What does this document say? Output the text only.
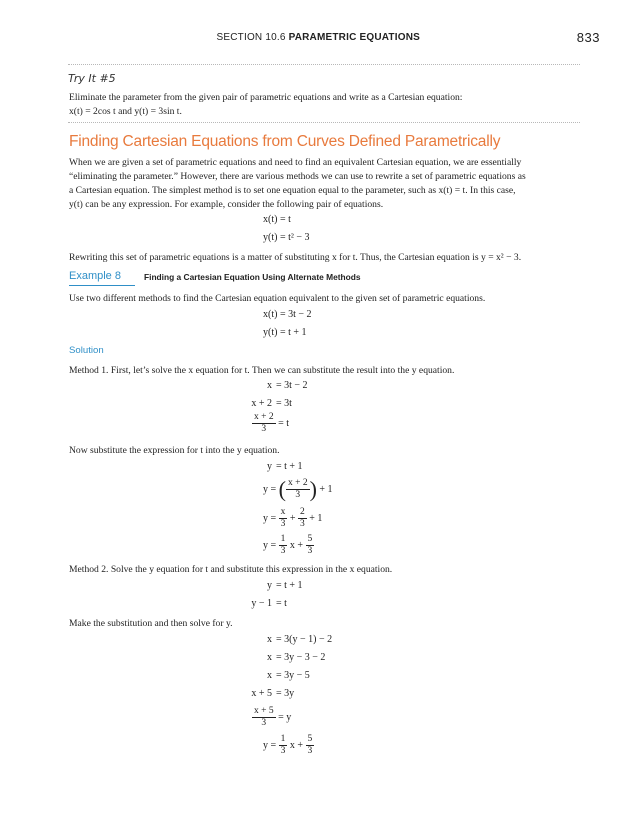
SECTION 10.6 PARAMETRIC EQUATIONS	833
Try It #5
Eliminate the parameter from the given pair of parametric equations and write as a Cartesian equation:
x(t) = 2cos t and y(t) = 3sin t.
Finding Cartesian Equations from Curves Defined Parametrically
When we are given a set of parametric equations and need to find an equivalent Cartesian equation, we are essentially
“eliminating the parameter.” However, there are various methods we can use to rewrite a set of parametric equations as
a Cartesian equation. The simplest method is to set one equation equal to the parameter, such as x(t) = t. In this case,
y(t) can be any expression. For example, consider the following pair of equations.
x(t) = t
y(t) = t² − 3
Rewriting this set of parametric equations is a matter of substituting x for t. Thus, the Cartesian equation is y = x² − 3.
Example 8	Finding a Cartesian Equation Using Alternate Methods
Use two different methods to find the Cartesian equation equivalent to the given set of parametric equations.
x(t) = 3t − 2
y(t) = t + 1
Solution
Method 1. First, let’s solve the x equation for t. Then we can substitute the result into the y equation.
x = 3t − 2
x + 2 = 3t
$\frac{x + 2}{3} = t$
Now substitute the expression for t into the y equation.
y = t + 1
y = ( $\frac{x + 2}{3}$ ) + 1
$y = \frac{x}{3} + \frac{2}{3} + 1$
$y = \frac{1}{3}$ $x + \frac{5}{3}$
Method 2. Solve the y equation for t and substitute this expression in the x equation.
y = t + 1
y − 1 = t
Make the substitution and then solve for y.
x = 3(y − 1) − 2
x = 3y − 3 − 2
x = 3y − 5
x + 5 = 3y
$\frac{x + 5}{3} = y$
$y = \frac{1}{3}$ $x + \frac{5}{3}$
